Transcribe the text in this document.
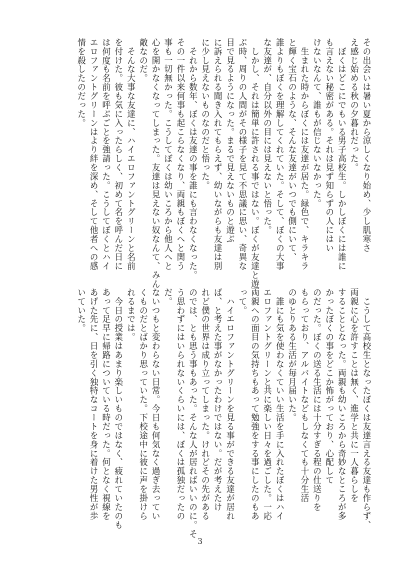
その出会いは暑い夏から涼しくなり始め、少し肌寒さ

え感じ始める秋の夕暮れだった。

　ぼくはどこにでもいる男子高校生。しかしぼくには誰に

も言えない秘密がある。それは見ず知らずの人にはい

けないなんて、誰もが信じないなかった。

　生まれた時からぼくには友達が居た。緑色で、キラキラ

と輝く宝石のような、そんな友達がいつでも側にいて、

誰よりもぼくを理解してくれていた。そして、ぼくの大事

な友達が、自分以外の目には見えないと悟った。

　しかし、それは簡単に許される事ではない。ぼくが友達と遊

ぶ時、周りの人間がその様子を見て不思議に思い、奇異な

目で見るようになった。まるで見えないものと遊ぶ

に訴えられる聞き入れてもらえず、幼いながらも友達は別

に少し見えないものなのだと悟った。

　それから数年、ぼくは友達の事を誰にも言わなくなった。

その一件以来何事も起こらなくなり、両親もぼくへと関う

事も一切無かった。こうしてぼくは幼いころから他人へと

心を開かなくなってしまった。友達は見えない奴なんて、みんな

敵なのだ。

　そんな大事な友達に、ハイエロファントグリーンと名前

を付けた。彼も気に入ったらしく、初めて名を呼んだ日に

は何度も名前を呼ぶごとを強請った。こうしてぼくとハイ

エロファントグリーンはより絆を深め、そして他者への感

情を殺したのだった。

　こうして高校生となったぼくは友達言える友達も作らず、

両親に心を許すことは無く、進学と共に一人暮らしを

することとなった。両親も幼いころから奇妙なところが多

かったぼくの事をどこか怖がっており、心配して

のだった。ぼくの送る生活には十分すぎる程の仕送りを

もらっており、アルバイトなどもしなくても十分生活

のゆとりある生活が毎月届いた。

　誰にも気を使わなくていい生活を手に入れたぼくはハイ

エロファントグリーンと共に楽しい日々を過ごした。一応

両親への面目の気持ちもあって勉強をする事にしたのもあ

って。

　ハイエロファントグリーンを見る事ができる友達が居れ

ば、と考えた事がなかったわけではない。だが考えたけ

れど僕の世界は成り立ってしまった。けれどその先がある

のでは、とも思う事もあった。そんな人が居ればいいのに。そ

う思わずにはいられないくらいには、ぼくは孤独だったの

だ。

　いつもと変わらない日常。今日も何気なく過ぎ去ってい

くものだとばかり思っていた。下校途中に彼に声を掛けら

れるまでは。

　今日の授業はあまり楽しいものではなく、疲れていたのも

あって足早に帰路についている時だった。何となく視線を

あげた先に、日を引く独特なコートを身に着けた男性が歩

いていた。

3
